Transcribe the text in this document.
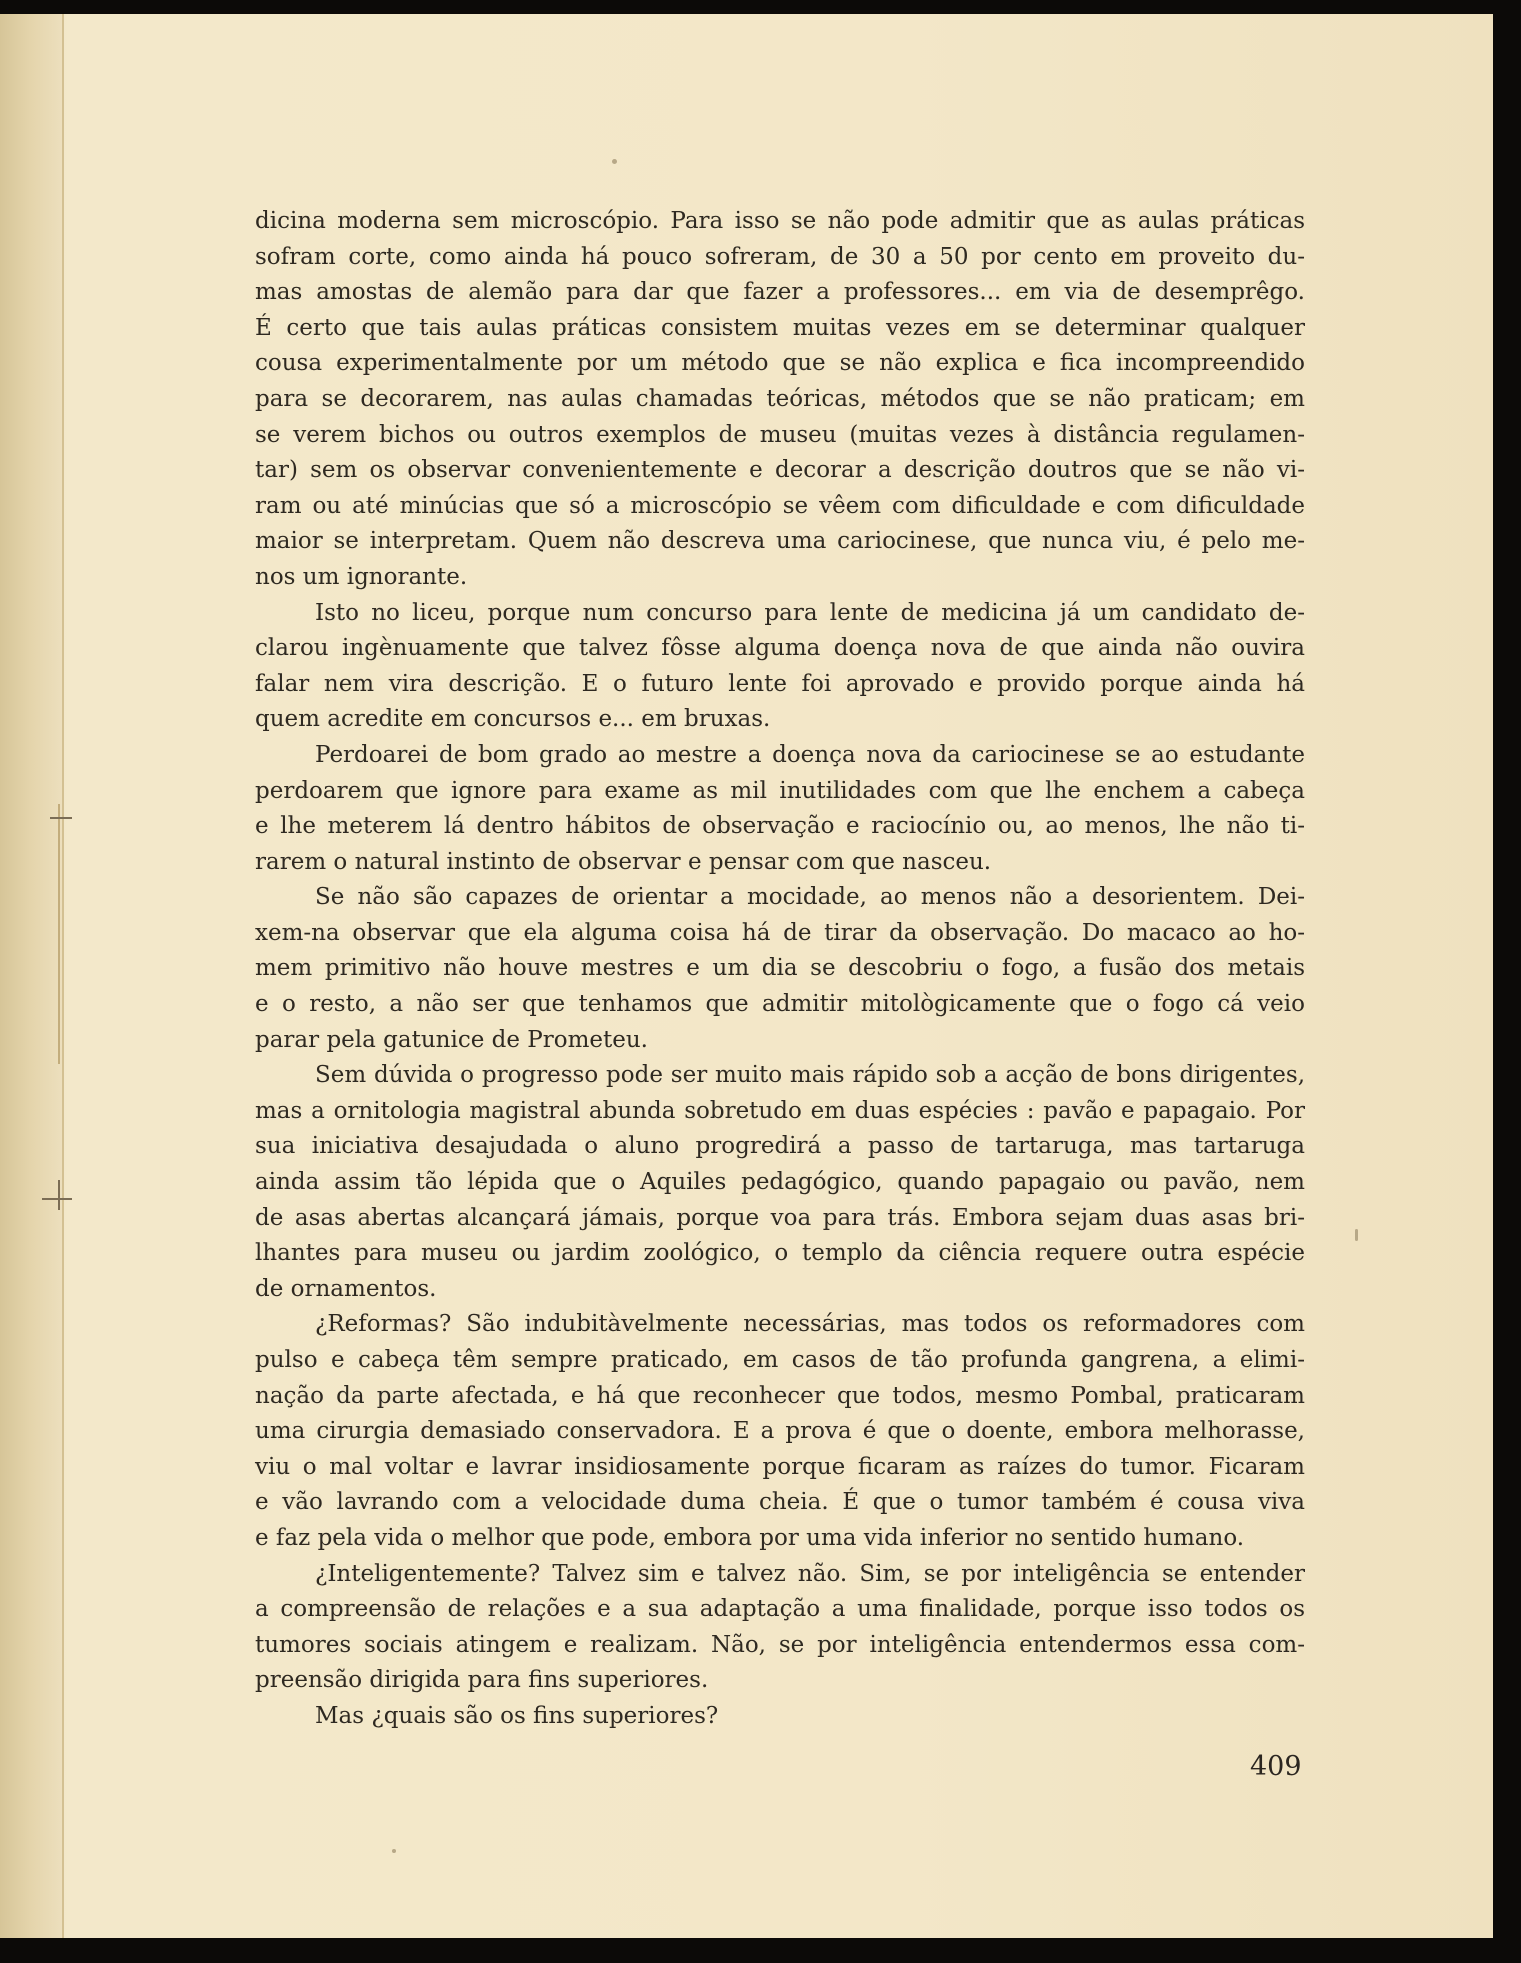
dicina moderna sem microscópio. Para isso se não pode admitir que as aulas práticas

sofram corte, como ainda há pouco sofreram, de 30 a 50 por cento em proveito du-

mas amostas de alemão para dar que fazer a professores... em via de desemprêgo.

É certo que tais aulas práticas consistem muitas vezes em se determinar qualquer

cousa experimentalmente por um método que se não explica e fica incompreendido

para se decorarem, nas aulas chamadas teóricas, métodos que se não praticam; em

se verem bichos ou outros exemplos de museu (muitas vezes à distância regulamen-

tar) sem os observar convenientemente e decorar a descrição doutros que se não vi-

ram ou até minúcias que só a microscópio se vêem com dificuldade e com dificuldade

maior se interpretam. Quem não descreva uma cariocinese, que nunca viu, é pelo me-

nos um ignorante.

Isto no liceu, porque num concurso para lente de medicina já um candidato de-

clarou ingènuamente que talvez fôsse alguma doença nova de que ainda não ouvira

falar nem vira descrição. E o futuro lente foi aprovado e provido porque ainda há

quem acredite em concursos e... em bruxas.

Perdoarei de bom grado ao mestre a doença nova da cariocinese se ao estudante

perdoarem que ignore para exame as mil inutilidades com que lhe enchem a cabeça

e lhe meterem lá dentro hábitos de observação e raciocínio ou, ao menos, lhe não ti-

rarem o natural instinto de observar e pensar com que nasceu.

Se não são capazes de orientar a mocidade, ao menos não a desorientem. Dei-

xem-na observar que ela alguma coisa há de tirar da observação. Do macaco ao ho-

mem primitivo não houve mestres e um dia se descobriu o fogo, a fusão dos metais

e o resto, a não ser que tenhamos que admitir mitològicamente que o fogo cá veio

parar pela gatunice de Prometeu.

Sem dúvida o progresso pode ser muito mais rápido sob a acção de bons dirigentes,

mas a ornitologia magistral abunda sobretudo em duas espécies : pavão e papagaio. Por

sua iniciativa desajudada o aluno progredirá a passo de tartaruga, mas tartaruga

ainda assim tão lépida que o Aquiles pedagógico, quando papagaio ou pavão, nem

de asas abertas alcançará jámais, porque voa para trás. Embora sejam duas asas bri-

lhantes para museu ou jardim zoológico, o templo da ciência requere outra espécie

de ornamentos.

¿Reformas? São indubitàvelmente necessárias, mas todos os reformadores com

pulso e cabeça têm sempre praticado, em casos de tão profunda gangrena, a elimi-

nação da parte afectada, e há que reconhecer que todos, mesmo Pombal, praticaram

uma cirurgia demasiado conservadora. E a prova é que o doente, embora melhorasse,

viu o mal voltar e lavrar insidiosamente porque ficaram as raízes do tumor. Ficaram

e vão lavrando com a velocidade duma cheia. É que o tumor também é cousa viva

e faz pela vida o melhor que pode, embora por uma vida inferior no sentido humano.

¿Inteligentemente? Talvez sim e talvez não. Sim, se por inteligência se entender

a compreensão de relações e a sua adaptação a uma finalidade, porque isso todos os

tumores sociais atingem e realizam. Não, se por inteligência entendermos essa com-

preensão dirigida para fins superiores.

Mas ¿quais são os fins superiores?

409
